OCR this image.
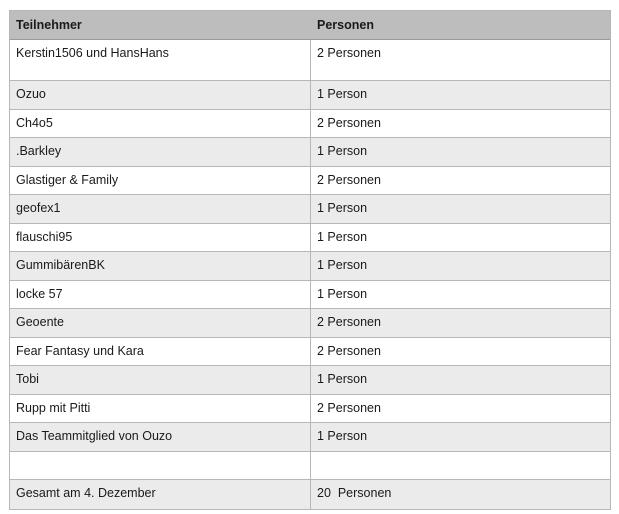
Teilnehmer	Personen
Kerstin1506 und HansHans	2 Personen
Ozuo	1 Person
Ch4o5	2 Personen
.Barkley	1 Person
Glastiger & Family	2 Personen
geofex1	1 Person
flauschi95	1 Person
GummibärenBK	1 Person
locke 57	1 Person
Geoente	2 Personen
Fear Fantasy und Kara	2 Personen
Tobi	1 Person
Rupp mit Pitti	2 Personen
Das Teammitglied von Ouzo	1 Person
Gesamt am 4. Dezember	20  Personen
